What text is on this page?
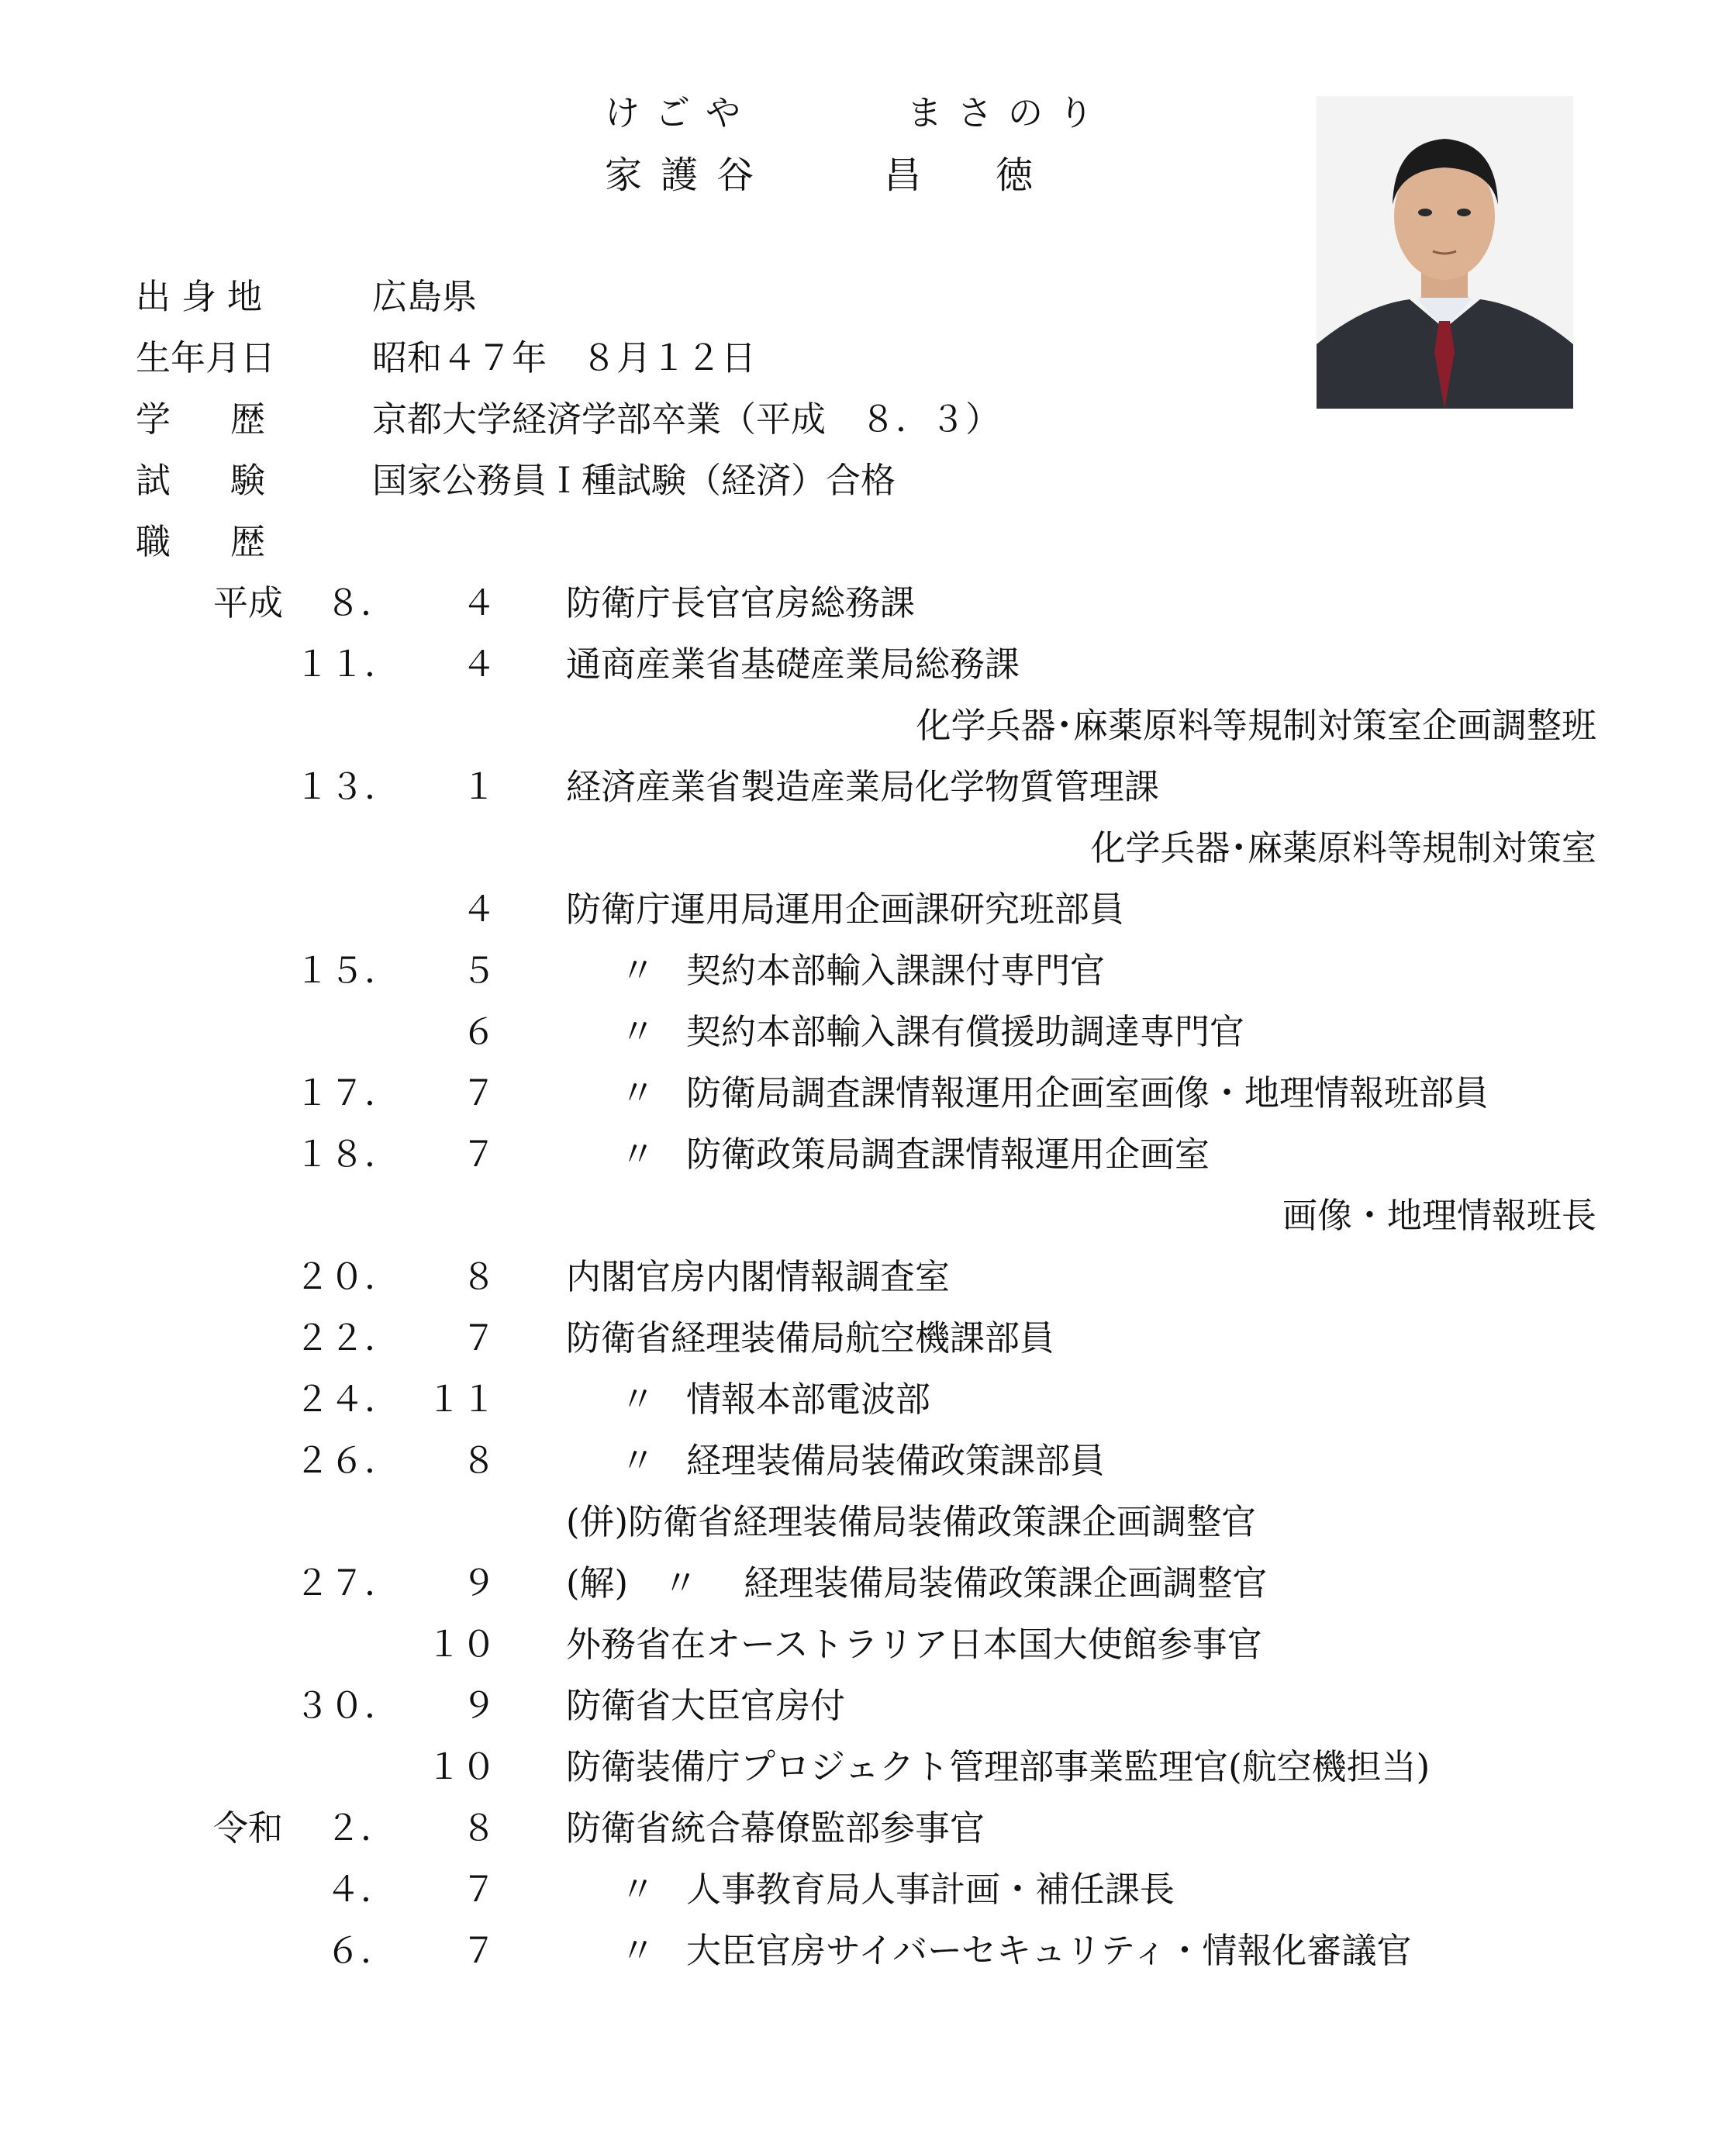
けごや　　　まさのり
家護谷　　昌　徳
出身地	広島県
生年月日	昭和４７年　８月１２日
学　歴	京都大学経済学部卒業（平成　８．３）
試　験	国家公務員Ｉ種試験（経済）合格
職　歴
平成	８．	４ 防衛庁長官官房総務課
１１．	４ 通商産業省基礎産業局総務課
化学兵器･麻薬原料等規制対策室企画調整班
１３．	１ 経済産業省製造産業局化学物質管理課
化学兵器･麻薬原料等規制対策室
４ 防衛庁運用局運用企画課研究班部員
１５．	５	〃 契約本部輸入課課付専門官
６	〃 契約本部輸入課有償援助調達専門官
１７．	７	〃 防衛局調査課情報運用企画室画像・地理情報班部員
１８．	７	〃 防衛政策局調査課情報運用企画室
画像・地理情報班長
２０．	８ 内閣官房内閣情報調査室
２２．	７ 防衛省経理装備局航空機課部員
２４． １１	〃 情報本部電波部
２６．	８	〃 経理装備局装備政策課部員
(併)防衛省経理装備局装備政策課企画調整官
２７．	９ (解)　〃　 経理装備局装備政策課企画調整官
１０ 外務省在オーストラリア日本国大使館参事官
３０．	９ 防衛省大臣官房付
１０ 防衛装備庁プロジェクト管理部事業監理官(航空機担当)
令和	２．	８ 防衛省統合幕僚監部参事官
４．	７	〃 人事教育局人事計画・補任課長
６．	７	〃 大臣官房サイバーセキュリティ・情報化審議官
